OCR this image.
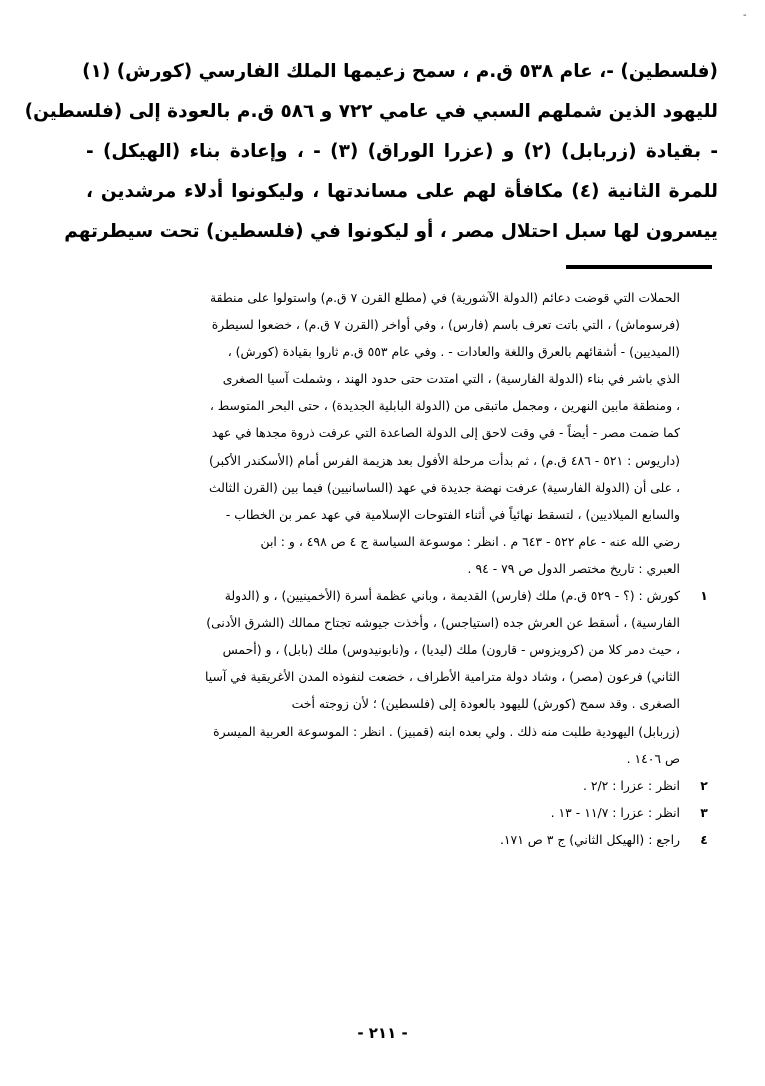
-
(فلسطين) -، عام ٥٣٨ ق.م ، سمح زعيمها الملك الفارسي (كورش) (١)
لليهود الذين شملهم السبي في عامي ٧٢٢ و ٥٨٦ ق.م بالعودة إلى (فلسطين)
- بقيادة (زربابل) (٢) و (عزرا الوراق) (٣) - ، وإعادة بناء (الهيكل) -
للمرة الثانية (٤) مكافأة لهم على مساندتها ، وليكونوا أدلاء مرشدين ،
ييسرون لها سبل احتلال مصر ، أو ليكونوا في (فلسطين) تحت سيطرتهم
الحملات التي قوضت دعائم (الدولة الآشورية) في (مطلع القرن ٧ ق.م) واستولوا على منطقة
(فرسوماش) ، التي باتت تعرف باسم (فارس) ، وفي أواخر (القرن ٧ ق.م) ، خضعوا لسيطرة
(الميديين) - أشقائهم بالعرق واللغة والعادات - . وفي عام ٥٥٣ ق.م ثاروا بقيادة (كورش) ،
الذي باشر في بناء (الدولة الفارسية) ، التي امتدت حتى حدود الهند ، وشملت آسيا الصغرى
، ومنطقة مابين النهرين ، ومجمل ماتبقى من (الدولة البابلية الجديدة) ، حتى البحر المتوسط ،
كما ضمت مصر - أيضاً - في وقت لاحق إلى الدولة الصاعدة التي عرفت ذروة مجدها في عهد
(داريوس : ٥٢١ - ٤٨٦ ق.م) ، ثم بدأت مرحلة الأفول بعد هزيمة الفرس أمام (الأسكندر الأكبر)
، على أن (الدولة الفارسية) عرفت نهضة جديدة في عهد (الساسانيين) فيما بين (القرن الثالث
والسابع الميلاديين) ، لتسقط نهائياً في أثناء الفتوحات الإسلامية في عهد عمر بن الخطاب -
رضي الله عنه - عام ٥٢٢ - ٦٤٣ م . انظر : موسوعة السياسة ج ٤ ص ٤٩٨ ، و : ابن
العبري : تاريخ مختصر الدول ص ٧٩ - ٩٤ .
١
كورش : (؟ - ٥٢٩ ق.م) ملك (فارس) القديمة ، وباني عظمة أسرة (الأخمينيين) ، و (الدولة
الفارسية) ، أسقط عن العرش جده (استياجس) ، وأخذت جيوشه تجتاح ممالك (الشرق الأدنى)
، حيث دمر كلا من (كرويزوس - قارون) ملك (ليديا) ، و(نابونيدوس) ملك (بابل) ، و (أحمس
الثاني) فرعون (مصر) ، وشاد دولة مترامية الأطراف ، خضعت لنفوذه المدن الأغريقية في آسيا
الصغرى . وقد سمح (كورش) لليهود بالعودة إلى (فلسطين) ؛ لأن زوجته أخت
(زربابل) اليهودية طلبت منه ذلك . ولي بعده ابنه (قمبيز) . انظر : الموسوعة العربية الميسرة
ص ١٤٠٦ .
٢
انظر : عزرا : ٢/٢ .
٣
انظر : عزرا : ١١/٧ - ١٣ .
٤
راجع : (الهيكل الثاني) ج ٣ ص ١٧١.
- ٢١١ -
